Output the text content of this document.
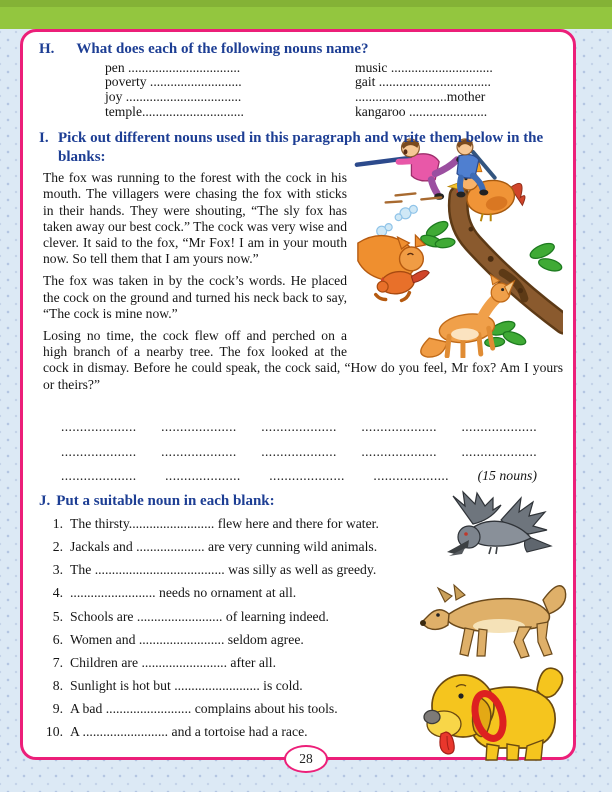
H. What does each of the following nouns name?
pen .................................
poverty ...........................
joy ..................................
temple..............................
music ..............................
gait .................................
...........................mother
kangaroo .......................
I. Pick out different nouns used in this paragraph and write them below in the blanks:

The fox was running to the forest with the cock in his mouth. The villagers were chasing the fox with sticks in their hands. They were shouting, “The sly fox has taken away our best cock.” The cock was very wise and clever. It said to the fox, “Mr Fox! I am in your mouth now. So tell them that I am yours now.”

The fox was taken in by the cock’s words. He placed the cock on the ground and turned his neck back to say, “The cock is mine now.”

Losing no time, the cock flew off and perched on a high branch of a nearby tree. The fox looked at the cock in dismay. Before he could speak, the cock said, “How do you feel, Mr fox? Am I yours or theirs?”

.................... .................... .................... .................... ....................
.................... .................... .................... .................... ....................
.................... .................... .................... .................... (15 nouns)
J. Put a suitable noun in each blank:
1. The thirsty......................... flew here and there for water.
2. Jackals and .................... are very cunning wild animals.
3. The ...................................... was silly as well as greedy.
4. ......................... needs no ornament at all.
5. Schools are ......................... of learning indeed.
6. Women and ......................... seldom agree.
7. Children are ......................... after all.
8. Sunlight is hot but ......................... is cold.
9. A bad ......................... complains about his tools.
10. A ......................... and a tortoise had a race.
28
